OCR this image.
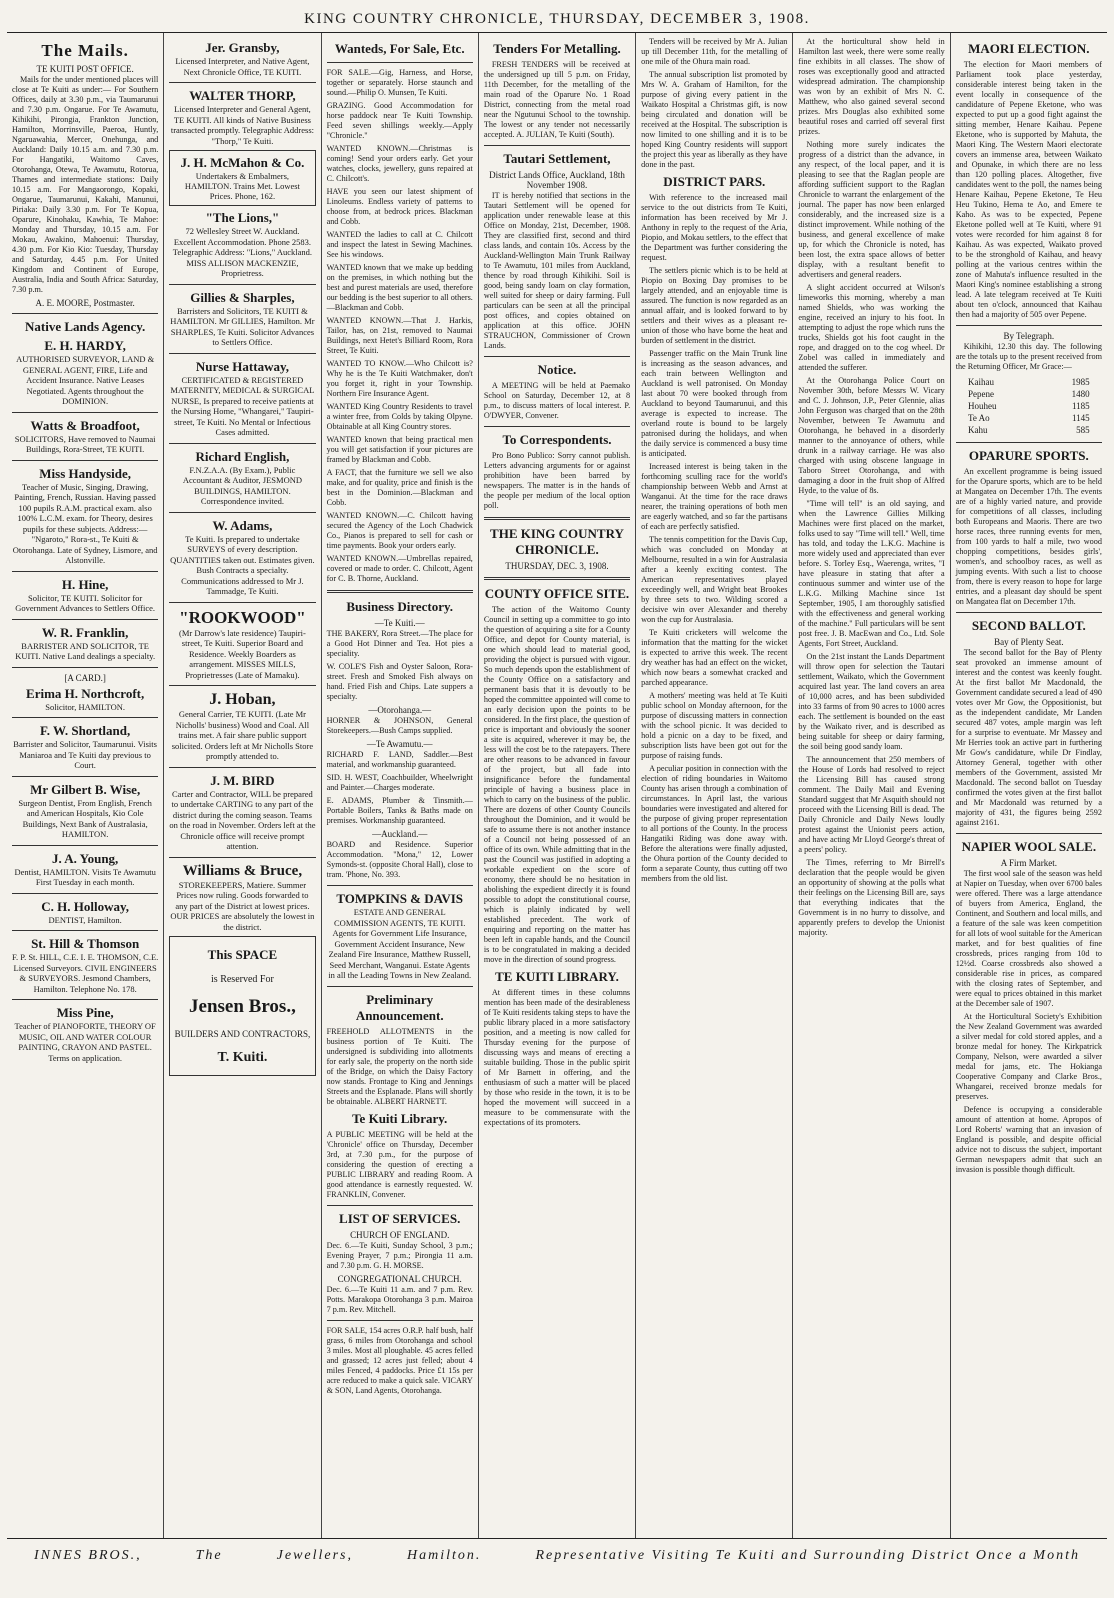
KING COUNTRY CHRONICLE, THURSDAY, DECEMBER 3, 1908.
The Mails.
TE KUITI POST OFFICE.

Mails for the under mentioned places will close at Te Kuiti as under:— For Southern Offices, daily at 3.30 p.m., via Taumarunui and 7.30 p.m. Ongarue. For Te Awamutu, Kihikihi, Pirongia, Frankton Junction, Hamilton, Morrinsville, Paeroa, Huntly, Ngaruawahia, Mercer, Onehunga, and Auckland: Daily 10.15 a.m. and 7.30 p.m. For Hangatiki, Waitomo Caves, Otorohanga, Otewa, Te Awamutu, Rotorua, Thames and intermediate stations: Daily 10.15 a.m. For Mangaorongo, Kopaki, Ongarue, Taumarunui, Kakahi, Manunui, Piriaka: Daily 3.30 p.m. For Te Kopua, Oparure, Kinohaku, Kawhia, Te Mahoe: Monday and Thursday, 10.15 a.m. For Mokau, Awakino, Mahoenui: Thursday, 4.30 p.m. For Kio Kio: Tuesday, Thursday and Saturday, 4.45 p.m. For United Kingdom and Continent of Europe, Australia, India and South Africa: Saturday, 7.30 p.m.

A. E. MOORE, Postmaster.
Native Lands Agency.
E. H. HARDY,
AUTHORISED SURVEYOR, LAND & GENERAL AGENT, FIRE, Life and Accident Insurance. Native Leases Negotiated. Agents throughout the DOMINION.
Watts & Broadfoot,
SOLICITORS, Have removed to Naumai Buildings, Rora-Street, TE KUITI.
Miss Handyside,
Teacher of Music, Singing, Drawing, Painting, French, Russian. Having passed 100 pupils R.A.M. practical exam. also 100% L.C.M. exam. for Theory, desires pupils for these subjects. Address:— "Ngaroto," Rora-st., Te Kuiti & Otorohanga. Late of Sydney, Lismore, and Alstonville.
H. Hine,
Solicitor, TE KUITI. Solicitor for Government Advances to Settlers Office.
W. R. Franklin,
BARRISTER AND SOLICITOR, TE KUITI. Native Land dealings a specialty.
[A CARD.]
Erima H. Northcroft,
Solicitor, HAMILTON.
F. W. Shortland,
Barrister and Solicitor, Taumarunui. Visits Maniaroa and Te Kuiti day previous to Court.
Mr Gilbert B. Wise,
Surgeon Dentist, From English, French and American Hospitals, Kio Cole Buildings, Next Bank of Australasia, HAMILTON.
J. A. Young,
Dentist, HAMILTON. Visits Te Awamutu First Tuesday in each month.
C. H. Holloway,
DENTIST, Hamilton.
St. Hill & Thomson
F. P. St. HILL, C.E. I. E. THOMSON, C.E. Licensed Surveyors. CIVIL ENGINEERS & SURVEYORS. Jesmond Chambers, Hamilton. Telephone No. 178.
Miss Pine,
Teacher of PIANOFORTE, THEORY OF MUSIC, OIL AND WATER COLOUR PAINTING, CRAYON AND PASTEL. Terms on application.
Jer. Gransby,
Licensed Interpreter, and Native Agent, Next Chronicle Office, TE KUITI.
WALTER THORP,
Licensed Interpreter and General Agent, TE KUITI. All kinds of Native Business transacted promptly. Telegraphic Address: "Thorp," Te Kuiti.
J. H. McMahon & Co.
Undertakers & Embalmers, HAMILTON. Trains Met. Lowest Prices. Phone, 162.
"The Lions,"
72 Wellesley Street W. Auckland. Excellent Accommodation. Phone 2583. Telegraphic Address: "Lions," Auckland. MISS ALLISON MACKENZIE, Proprietress.
Gillies & Sharples,
Barristers and Solicitors, TE KUITI & HAMILTON. Mr GILLIES, Hamilton. Mr SHARPLES, Te Kuiti. Solicitor Advances to Settlers Office.
Nurse Hattaway,
CERTIFICATED & REGISTERED MATERNITY, MEDICAL & SURGICAL NURSE, Is prepared to receive patients at the Nursing Home, "Whangarei," Taupiri-street, Te Kuiti. No Mental or Infectious Cases admitted.
Richard English,
F.N.Z.A.A. (By Exam.), Public Accountant & Auditor, JESMOND BUILDINGS, HAMILTON. Correspondence invited.
W. Adams,
Te Kuiti. Is prepared to undertake SURVEYS of every description. QUANTITIES taken out. Estimates given. Bush Contracts a specialty. Communications addressed to Mr J. Tammadge, Te Kuiti.
"ROOKWOOD"
(Mr Darrow's late residence) Taupiri-street, Te Kuiti. Superior Board and Residence. Weekly Boarders as arrangement. MISSES MILLS, Proprietresses (Late of Mamaku).
J. Hoban,
General Carrier, TE KUITI. (Late Mr Nicholls' business) Wood and Coal. All trains met. A fair share public support solicited. Orders left at Mr Nicholls Store promptly attended to.
J. M. BIRD
Carter and Contractor, WILL be prepared to undertake CARTING to any part of the district during the coming season. Teams on the road in November. Orders left at the Chronicle office will receive prompt attention.
Williams & Bruce,
STOREKEEPERS, Matiere. Summer Prices now ruling. Goods forwarded to any part of the District at lowest prices. OUR PRICES are absolutely the lowest in the district.
This SPACE
is Reserved For
Jensen Bros.,
BUILDERS AND CONTRACTORS,
T. Kuiti.
Wanteds, For Sale, Etc.

FOR SALE.—Gig, Harness, and Horse, together or separately. Horse staunch and sound.—Philip O. Munsen, Te Kuiti.

GRAZING. Good Accommodation for horse paddock near Te Kuiti Township. Feed seven shillings weekly.—Apply "Chronicle."

WANTED KNOWN.—Christmas is coming! Send your orders early. Get your watches, clocks, jewellery, guns repaired at C. Chilcott's.

HAVE you seen our latest shipment of Linoleums. Endless variety of patterns to choose from, at bedrock prices. Blackman and Cobb.

WANTED the ladies to call at C. Chilcott and inspect the latest in Sewing Machines. See his windows.

WANTED known that we make up bedding on the premises, in which nothing but the best and purest materials are used, therefore our bedding is the best superior to all others. —Blackman and Cobb.

WANTED KNOWN.—That J. Harkis, Tailor, has, on 21st, removed to Naumai Buildings, next Hetet's Billiard Room, Rora Street, Te Kuiti.

WANTED TO KNOW.—Who Chilcott is? Why he is the Te Kuiti Watchmaker, don't you forget it, right in your Township. Northern Fire Insurance Agent.

WANTED King Country Residents to travel a winter free, from Colds by taking Olpyne. Obtainable at all King Country stores.

WANTED known that being practical men you will get satisfaction if your pictures are framed by Blackman and Cobb.

A FACT, that the furniture we sell we also make, and for quality, price and finish is the best in the Dominion.—Blackman and Cobb.

WANTED KNOWN.—C. Chilcott having secured the Agency of the Loch Chadwick Co., Pianos is prepared to sell for cash or time payments. Book your orders early.

WANTED KNOWN.—Umbrellas repaired, covered or made to order. C. Chilcott, Agent for C. B. Thorne, Auckland.

Business Directory.
—Te Kuiti.—

THE BAKERY, Rora Street.—The place for a Good Hot Dinner and Tea. Hot pies a speciality.

W. COLE'S Fish and Oyster Saloon, Rora-street. Fresh and Smoked Fish always on hand. Fried Fish and Chips. Late suppers a specialty.

—Otorohanga.—

HORNER & JOHNSON, General Storekeepers.—Bush Camps supplied.

—Te Awamutu.—

RICHARD F. LAND, Saddler.—Best material, and workmanship guaranteed.

SID. H. WEST, Coachbuilder, Wheelwright and Painter.—Charges moderate.

E. ADAMS, Plumber & Tinsmith.—Portable Boilers, Tanks & Baths made on premises. Workmanship guaranteed.

—Auckland.—

BOARD and Residence. Superior Accommodation. "Mona," 12, Lower Symonds-st. (opposite Choral Hall), close to tram. 'Phone, No. 393.

TOMPKINS & DAVIS
ESTATE AND GENERAL COMMISSION AGENTS, TE KUITI. Agents for Government Life Insurance, Government Accident Insurance, New Zealand Fire Insurance, Matthew Russell, Seed Merchant, Wanganui. Estate Agents in all the Leading Towns in New Zealand.
Preliminary Announcement.

FREEHOLD ALLOTMENTS in the business portion of Te Kuiti. The undersigned is subdividing into allotments for early sale, the property on the north side of the Bridge, on which the Daisy Factory now stands. Frontage to King and Jennings Streets and the Esplanade. Plans will shortly be obtainable. ALBERT HARNETT.

Te Kuiti Library.

A PUBLIC MEETING will be held at the 'Chronicle' office on Thursday, December 3rd, at 7.30 p.m., for the purpose of considering the question of erecting a PUBLIC LIBRARY and reading Room. A good attendance is earnestly requested. W. FRANKLIN, Convener.

LIST OF SERVICES.
CHURCH OF ENGLAND.

Dec. 6.—Te Kuiti, Sunday School, 3 p.m.; Evening Prayer, 7 p.m.; Pirongia 11 a.m. and 7.30 p.m. G. H. MORSE.

CONGREGATIONAL CHURCH.

Dec. 6.—Te Kuiti 11 a.m. and 7 p.m. Rev. Potts. Marakopa Otorohanga 3 p.m. Mairoa 7 p.m. Rev. Mitchell.

FOR SALE, 154 acres O.R.P. half bush, half grass, 6 miles from Otorohanga and school 3 miles. Most all ploughable. 45 acres felled and grassed; 12 acres just felled; about 4 miles Fenced, 4 paddocks. Price £1 15s per acre reduced to make a quick sale. VICARY & SON, Land Agents, Otorohanga.

Tenders For Metalling.

FRESH TENDERS will be received at the undersigned up till 5 p.m. on Friday, 11th December, for the metalling of the main road of the Oparure No. 1 Road District, connecting from the metal road near the Ngutunui School to the township. The lowest or any tender not necessarily accepted. A. JULIAN, Te Kuiti (South).

Tautari Settlement,
District Lands Office, Auckland, 18th November 1908.

IT is hereby notified that sections in the Tautari Settlement will be opened for application under renewable lease at this Office on Monday, 21st, December, 1908. They are classified first, second and third class lands, and contain 10s. Access by the Auckland-Wellington Main Trunk Railway to Te Awamutu, 101 miles from Auckland, thence by road through Kihikihi. Soil is good, being sandy loam on clay formation, well suited for sheep or dairy farming. Full particulars can be seen at all the principal post offices, and copies obtained on application at this office. JOHN STRAUCHON, Commissioner of Crown Lands.

Notice.

A MEETING will be held at Paemako School on Saturday, December 12, at 8 p.m., to discuss matters of local interest. P. O'DWYER, Convener.

To Correspondents.

Pro Bono Publico: Sorry cannot publish. Letters advancing arguments for or against prohibition have been barred by newspapers. The matter is in the hands of the people per medium of the local option poll.

THE KING COUNTRY CHRONICLE.
THURSDAY, DEC. 3, 1908.
COUNTY OFFICE SITE.

The action of the Waitomo County Council in setting up a committee to go into the question of acquiring a site for a County Office, and depot for County material, is one which should lead to material good, providing the object is pursued with vigour. So much depends upon the establishment of the County Office on a satisfactory and permanent basis that it is devoutly to be hoped the committee appointed will come to an early decision upon the points to be considered. In the first place, the question of price is important and obviously the sooner a site is acquired, wherever it may be, the less will the cost be to the ratepayers. There are other reasons to be advanced in favour of the project, but all fade into insignificance before the fundamental principle of having a business place in which to carry on the business of the public. There are dozens of other County Councils throughout the Dominion, and it would be safe to assume there is not another instance of a Council not being possessed of an office of its own. While admitting that in the past the Council was justified in adopting a workable expedient on the score of economy, there should be no hesitation in abolishing the expedient directly it is found possible to adopt the constitutional course, which is plainly indicated by well established precedent. The work of enquiring and reporting on the matter has been left in capable hands, and the Council is to be congratulated in making a decided move in the direction of sound progress.

TE KUITI LIBRARY.

At different times in these columns mention has been made of the desirableness of Te Kuiti residents taking steps to have the public library placed in a more satisfactory position, and a meeting is now called for Thursday evening for the purpose of discussing ways and means of erecting a suitable building. Those in the public spirit of Mr Barnett in offering, and the enthusiasm of such a matter will be placed by those who reside in the town, it is to be hoped the movement will succeed in a measure to be commensurate with the expectations of its promoters.

Tenders will be received by Mr A. Julian up till December 11th, for the metalling of one mile of the Ohura main road.

The annual subscription list promoted by Mrs W. A. Graham of Hamilton, for the purpose of giving every patient in the Waikato Hospital a Christmas gift, is now being circulated and donation will be received at the Hospital. The subscription is now limited to one shilling and it is to be hoped King Country residents will support the project this year as liberally as they have done in the past.

DISTRICT PARS.

With reference to the increased mail service to the out districts from Te Kuiti, information has been received by Mr J. Anthony in reply to the request of the Aria, Piopio, and Mokau settlers, to the effect that the Department was further considering the request.

The settlers picnic which is to be held at Piopio on Boxing Day promises to be largely attended, and an enjoyable time is assured. The function is now regarded as an annual affair, and is looked forward to by settlers and their wives as a pleasant re-union of those who have borne the heat and burden of settlement in the district.

Passenger traffic on the Main Trunk line is increasing as the season advances, and each train between Wellington and Auckland is well patronised. On Monday last about 70 were booked through from Auckland to beyond Taumarunui, and this average is expected to increase. The overland route is bound to be largely patronised during the holidays, and when the daily service is commenced a busy time is anticipated.

Increased interest is being taken in the forthcoming sculling race for the world's championship between Webb and Arnst at Wanganui. At the time for the race draws nearer, the training operations of both men are eagerly watched, and so far the partisans of each are perfectly satisfied.

The tennis competition for the Davis Cup, which was concluded on Monday at Melbourne, resulted in a win for Australasia after a keenly exciting contest. The American representatives played exceedingly well, and Wright beat Brookes by three sets to two. Wilding scored a decisive win over Alexander and thereby won the cup for Australasia.

Te Kuiti cricketers will welcome the information that the matting for the wicket is expected to arrive this week. The recent dry weather has had an effect on the wicket, which now bears a somewhat cracked and parched appearance.

A mothers' meeting was held at Te Kuiti public school on Monday afternoon, for the purpose of discussing matters in connection with the school picnic. It was decided to hold a picnic on a day to be fixed, and subscription lists have been got out for the purpose of raising funds.

A peculiar position in connection with the election of riding boundaries in Waitomo County has arisen through a combination of circumstances. In April last, the various boundaries were investigated and altered for the purpose of giving proper representation to all portions of the County. In the process Hangatiki Riding was done away with. Before the alterations were finally adjusted, the Ohura portion of the County decided to form a separate County, thus cutting off two members from the old list.

At the horticultural show held in Hamilton last week, there were some really fine exhibits in all classes. The show of roses was exceptionally good and attracted widespread admiration. The championship was won by an exhibit of Mrs N. C. Matthew, who also gained several second prizes. Mrs Douglas also exhibited some beautiful roses and carried off several first prizes.

Nothing more surely indicates the progress of a district than the advance, in any respect, of the local paper, and it is pleasing to see that the Raglan people are affording sufficient support to the Raglan Chronicle to warrant the enlargement of the journal. The paper has now been enlarged considerably, and the increased size is a distinct improvement. While nothing of the business, and general excellence of make up, for which the Chronicle is noted, has been lost, the extra space allows of better display, with a resultant benefit to advertisers and general readers.

A slight accident occurred at Wilson's limeworks this morning, whereby a man named Shields, who was working the engine, received an injury to his foot. In attempting to adjust the rope which runs the trucks, Shields got his foot caught in the rope, and dragged on to the cog wheel. Dr Zobel was called in immediately and attended the sufferer.

At the Otorohanga Police Court on November 30th, before Messrs W. Vicary and C. J. Johnson, J.P., Peter Glennie, alias John Ferguson was charged that on the 28th November, between Te Awamutu and Otorohanga, he behaved in a disorderly manner to the annoyance of others, while drunk in a railway carriage. He was also charged with using obscene language in Taboro Street Otorohanga, and with damaging a door in the fruit shop of Alfred Hyde, to the value of 8s.

"Time will tell" is an old saying, and when the Lawrence Gillies Milking Machines were first placed on the market, folks used to say "Time will tell." Well, time has told, and today the L.K.G. Machine is more widely used and appreciated than ever before. S. Torley Esq., Waerenga, writes, "I have pleasure in stating that after a continuous summer and winter use of the L.K.G. Milking Machine since 1st September, 1905, I am thoroughly satisfied with the effectiveness and general working of the machine." Full particulars will be sent post free. J. B. MacEwan and Co., Ltd. Sole Agents, Fort Street, Auckland.

On the 21st instant the Lands Department will throw open for selection the Tautari settlement, Waikato, which the Government acquired last year. The land covers an area of 10,000 acres, and has been subdivided into 33 farms of from 90 acres to 1000 acres each. The settlement is bounded on the east by the Waikato river, and is described as being suitable for sheep or dairy farming, the soil being good sandy loam.

The announcement that 250 members of the House of Lords had resolved to reject the Licensing Bill has caused strong comment. The Daily Mail and Evening Standard suggest that Mr Asquith should not proceed with the Licensing Bill is dead. The Daily Chronicle and Daily News loudly protest against the Unionist peers action, and have acting Mr Lloyd George's threat of a peers' policy.

The Times, referring to Mr Birrell's declaration that the people would be given an opportunity of showing at the polls what their feelings on the Licensing Bill are, says that everything indicates that the Government is in no hurry to dissolve, and apparently prefers to develop the Unionist majority.

MAORI ELECTION.

The election for Maori members of Parliament took place yesterday, considerable interest being taken in the event locally in consequence of the candidature of Pepene Eketone, who was expected to put up a good fight against the sitting member, Henare Kaihau. Pepene Eketone, who is supported by Mahuta, the Maori King. The Western Maori electorate covers an immense area, between Waikato and Opunake, in which there are no less than 120 polling places. Altogether, five candidates went to the poll, the names being Henare Kaihau, Pepene Eketone, Te Heu Heu Tukino, Hema te Ao, and Emere te Kaho. As was to be expected, Pepene Eketone polled well at Te Kuiti, where 91 votes were recorded for him against 8 for Kaihau. As was expected, Waikato proved to be the stronghold of Kaihau, and heavy polling at the various centres within the zone of Mahuta's influence resulted in the Maori King's nominee establishing a strong lead. A late telegram received at Te Kuiti about ten o'clock, announced that Kaihau then had a majority of 505 over Pepene.

By Telegraph.

Kihikihi, 12.30 this day. The following are the totals up to the present received from the Returning Officer, Mr Grace:—

Kaihau	1985
Pepene	1480
Houheu	1185
Te Ao	1145
Kahu	585
OPARURE SPORTS.

An excellent programme is being issued for the Oparure sports, which are to be held at Mangatea on December 17th. The events are of a highly varied nature, and provide for competitions of all classes, including both Europeans and Maoris. There are two horse races, three running events for men, from 100 yards to half a mile, two wood chopping competitions, besides girls', women's, and schoolboy races, as well as jumping events. With such a list to choose from, there is every reason to hope for large entries, and a pleasant day should be spent on Mangatea flat on December 17th.

SECOND BALLOT.
Bay of Plenty Seat.

The second ballot for the Bay of Plenty seat provoked an immense amount of interest and the contest was keenly fought. At the first ballot Mr Macdonald, the Government candidate secured a lead of 490 votes over Mr Gow, the Oppositionist, but as the independent candidate, Mr Landen secured 487 votes, ample margin was left for a surprise to eventuate. Mr Massey and Mr Herries took an active part in furthering Mr Gow's candidature, while Dr Findlay, Attorney General, together with other members of the Government, assisted Mr Macdonald. The second ballot on Tuesday confirmed the votes given at the first ballot and Mr Macdonald was returned by a majority of 431, the figures being 2592 against 2161.

NAPIER WOOL SALE.
A Firm Market.

The first wool sale of the season was held at Napier on Tuesday, when over 6700 bales were offered. There was a large attendance of buyers from America, England, the Continent, and Southern and local mills, and a feature of the sale was keen competition for all lots of wool suitable for the American market, and for best qualities of fine crossbreds, prices ranging from 10d to 12½d. Coarse crossbreds also showed a considerable rise in prices, as compared with the closing rates of September, and were equal to prices obtained in this market at the December sale of 1907.

At the Horticultural Society's Exhibition the New Zealand Government was awarded a silver medal for cold stored apples, and a bronze medal for honey. The Kirkpatrick Company, Nelson, were awarded a silver medal for jams, etc. The Hokianga Cooperative Company and Clarke Bros., Whangarei, received bronze medals for preserves.

Defence is occupying a considerable amount of attention at home. Apropos of Lord Roberts' warning that an invasion of England is possible, and despite official advice not to discuss the subject, important German newspapers admit that such an invasion is possible though difficult.

INNES BROS.,	The	Jewellers,	Hamilton.	Representative Visiting Te Kuiti and Surrounding District Once a Month
